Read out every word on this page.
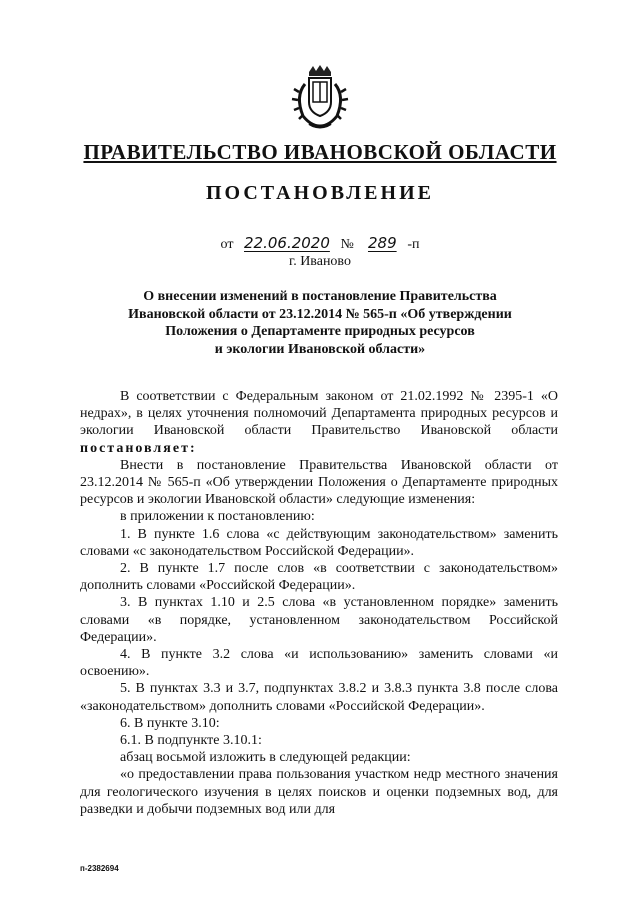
ПРАВИТЕЛЬСТВО ИВАНОВСКОЙ ОБЛАСТИ
ПОСТАНОВЛЕНИЕ
от 22.06.2020 № 289 -п
г. Иваново
О внесении изменений в постановление Правительства
Ивановской области от 23.12.2014 № 565-п «Об утверждении
Положения о Департаменте природных ресурсов
и экологии Ивановской области»

В соответствии с Федеральным законом от 21.02.1992 № 2395-1 «О недрах», в целях уточнения полномочий Департамента природных ресурсов и экологии Ивановской области Правительство Ивановской области постановляет:

Внести в постановление Правительства Ивановской области от 23.12.2014 № 565-п «Об утверждении Положения о Департаменте природных ресурсов и экологии Ивановской области» следующие изменения:

в приложении к постановлению:

1. В пункте 1.6 слова «с действующим законодательством» заменить словами «с законодательством Российской Федерации».

2. В пункте 1.7 после слов «в соответствии с законодательством» дополнить словами «Российской Федерации».

3. В пунктах 1.10 и 2.5 слова «в установленном порядке» заменить словами «в порядке, установленном законодательством Российской Федерации».

4. В пункте 3.2 слова «и использованию» заменить словами «и освоению».

5. В пунктах 3.3 и 3.7, подпунктах 3.8.2 и 3.8.3 пункта 3.8 после слова «законодательством» дополнить словами «Российской Федерации».

6. В пункте 3.10:

6.1. В подпункте 3.10.1:

абзац восьмой изложить в следующей редакции:

«о предоставлении права пользования участком недр местного значения для геологического изучения в целях поисков и оценки подземных вод, для разведки и добычи подземных вод или для

п-2382694
